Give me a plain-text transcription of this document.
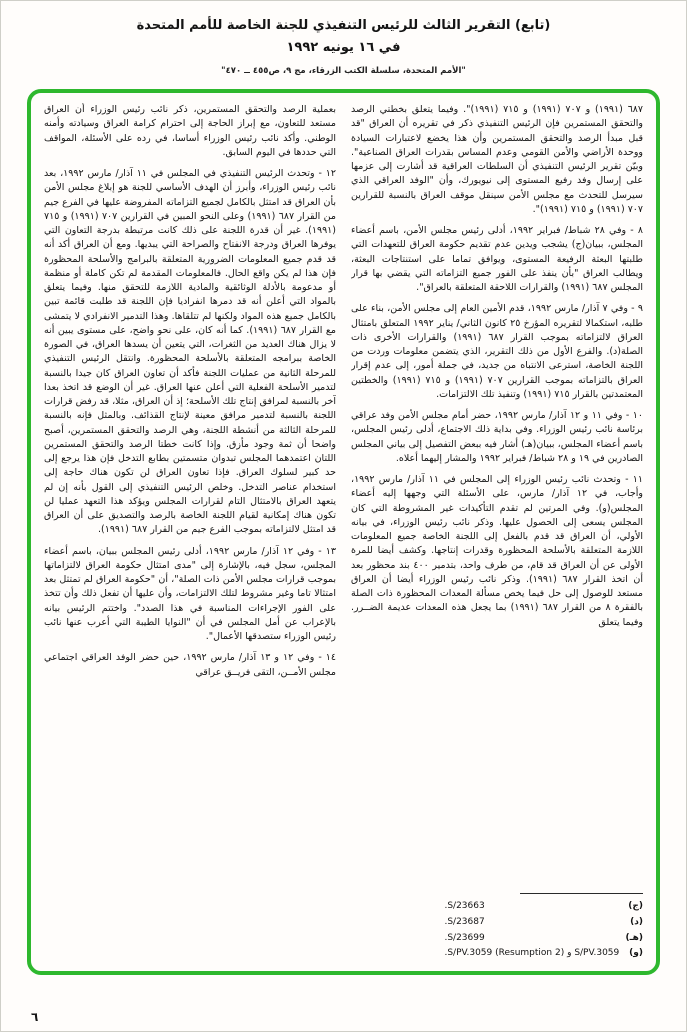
(تابع) التقرير الثالث للرئيس التنفيذي للجنة الخاصة للأمم المتحدة
في ١٦ يونيه ١٩٩٢
"الأمم المتحدة، سلسلة الكتب الزرقاء، مج ٩، ص٤٥٥ ــ ٤٧٠"

٦٨٧ (١٩٩١) و ٧٠٧ (١٩٩١) و ٧١٥ (١٩٩١)". وفيما يتعلق بخطتي الرصد والتحقق المستمرين فإن الرئيس التنفيذي ذكر في تقريره أن العراق "قد قبل مبدأ الرصد والتحقق المستمرين وأن هذا يخضع لاعتبارات السيادة ووحدة الأراضي والأمن القومي وعدم المساس بقدرات العراق الصناعية". وبيّن تقرير الرئيس التنفيذي أن السلطات العراقية قد أشارت إلى عزمها على إرسال وفد رفيع المستوى إلى نيويورك، وأن "الوفد العراقي الذي سيرسل للتحدث مع مجلس الأمن سينقل موقف العراق بالنسبة للقرارين ٧٠٧ (١٩٩١) و ٧١٥ (١٩٩١)".

٨ - وفي ٢٨ شباط/ فبراير ١٩٩٢، أدلى رئيس مجلس الأمن، باسم أعضاء المجلس، ببيان(ج) يشجب ويدين عدم تقديم حكومة العراق للتعهدات التي طلبتها البعثة الرفيعة المستوى، ويوافق تماما على استنتاجات البعثة، ويطالب العراق "بأن ينفذ على الفور جميع التزاماته التي يقضي بها قرار المجلس ٦٨٧ (١٩٩١) والقرارات اللاحقة المتعلقة بالعراق".

٩ - وفي ٧ آذار/ مارس ١٩٩٢، قدم الأمين العام إلى مجلس الأمن، بناء على طلبه، استكمالا لتقريره المؤرخ ٢٥ كانون الثاني/ يناير ١٩٩٢ المتعلق بامتثال العراق لالتزاماته بموجب القرار ٦٨٧ (١٩٩١) والقرارات الأخرى ذات الصلة(د). والفرع الأول من ذلك التقرير، الذي يتضمن معلومات وردت من اللجنة الخاصة، استرعى الانتباه من جديد، في جملة أمور، إلى عدم إقرار العراق بالتزاماته بموجب القرارين ٧٠٧ (١٩٩١) و ٧١٥ (١٩٩١) والخطتين المعتمدتين بالقرار ٧١٥ (١٩٩١) وتنفيذ تلك الالتزامات.

١٠ - وفي ١١ و ١٢ آذار/ مارس ١٩٩٢، حضر أمام مجلس الأمن وفد عراقي برئاسة نائب رئيس الوزراء. وفي بداية ذلك الاجتماع، أدلى رئيس المجلس، باسم أعضاء المجلس، ببيان(هـ) أشار فيه ببعض التفصيل إلى بياني المجلس الصادرين في ١٩ و ٢٨ شباط/ فبراير ١٩٩٢ والمشار إليهما أعلاه.

١١ - وتحدث نائب رئيس الوزراء إلى المجلس في ١١ آذار/ مارس ١٩٩٢، وأجاب، في ١٢ آذار/ مارس، على الأسئلة التي وجهها إليه أعضاء المجلس(و). وفي المرتين لم تقدم التأكيدات غير المشروطة التي كان المجلس يسعى إلى الحصول عليها. وذكر نائب رئيس الوزراء، في بيانه الأولي، أن العراق قد قدم بالفعل إلى اللجنة الخاصة جميع المعلومات اللازمة المتعلقة بالأسلحة المحظورة وقدرات إنتاجها. وكشف أيضا للمرة الأولى عن أن العراق قد قام، من طرف واحد، بتدمير ٤٠٠ بند محظور بعد أن اتخذ القرار ٦٨٧ (١٩٩١). وذكر نائب رئيس الوزراء أيضا أن العراق مستعد للوصول إلى حل فيما يخص مسألة المعدات المحظورة ذات الصلة بالفقرة ٨ من القرار ٦٨٧ (١٩٩١) بما يجعل هذه المعدات عديمة الضــرر. وفيما يتعلق

(ج)
S/23663.
(د)
S/23687.
(هـ)
S/23699.
(و)
S/PV.3059 و S/PV.3059 (Resumption 2).

بعملية الرصد والتحقق المستمرين، ذكر نائب رئيس الوزراء أن العراق مستعد للتعاون، مع إبراز الحاجة إلى احترام كرامة العراق وسيادته وأمنه الوطني. وأكد نائب رئيس الوزراء أساسا، في رده على الأسئلة، المواقف التي حددها في اليوم السابق.

١٢ - وتحدث الرئيس التنفيذي في المجلس في ١١ آذار/ مارس ١٩٩٢، بعد نائب رئيس الوزراء، وأبرز أن الهدف الأساسي للجنة هو إبلاغ مجلس الأمن بأن العراق قد امتثل بالكامل لجميع التزاماته المفروضة عليها في الفرع جيم من القرار ٦٨٧ (١٩٩١) وعلى النحو المبين في القرارين ٧٠٧ (١٩٩١) و ٧١٥ (١٩٩١). غير أن قدرة اللجنة على ذلك كانت مرتبطة بدرجة التعاون التي يوفرها العراق ودرجة الانفتاح والصراحة التي يبديها. ومع أن العراق أكد أنه قد قدم جميع المعلومات الضرورية المتعلقة بالبرامج والأسلحة المحظورة فإن هذا لم يكن واقع الحال. فالمعلومات المقدمة لم تكن كاملة أو منظمة أو مدعومة بالأدلة الوثائقية والمادية اللازمة للتحقق منها. وفيما يتعلق بالمواد التي أعلن أنه قد دمرها انفراديا فإن اللجنة قد طلبت قائمة تبين بالكامل جميع هذه المواد ولكنها لم تتلقاها. وهذا التدمير الانفرادي لا يتمشى مع القرار ٦٨٧ (١٩٩١). كما أنه كان، على نحو واضح، على مستوى يبين أنه لا يزال هناك العديد من الثغرات، التي يتعين أن يسدها العراق، في الصورة الخاصة ببرامجه المتعلقة بالأسلحة المحظورة. وانتقل الرئيس التنفيذي للمرحلة الثانية من عمليات اللجنة فأكد أن تعاون العراق كان جيدا بالنسبة لتدمير الأسلحة الفعلية التي أعلن عنها العراق. غير أن الوضع قد اتخذ بعدا آخر بالنسبة لمرافق إنتاج تلك الأسلحة؛ إذ أن العراق، مثلا، قد رفض قرارات اللجنة بالنسبة لتدمير مرافق معينة لإنتاج القذائف. وبالمثل فإنه بالنسبة للمرحلة الثالثة من أنشطة اللجنة، وهي الرصد والتحقق المستمرين، أصبح واضحا أن ثمة وجود مأزق. وإذا كانت خطتا الرصد والتحقق المستمرين اللتان اعتمدهما المجلس تبدوان متسمتين بطابع التدخل فإن هذا يرجع إلى حد كبير لسلوك العراق. فإذا تعاون العراق لن تكون هناك حاجة إلى استخدام عناصر التدخل. وخلص الرئيس التنفيذي إلى القول بأنه إن لم يتعهد العراق بالامتثال التام لقرارات المجلس ويؤكد هذا التعهد عمليا لن تكون هناك إمكانية لقيام اللجنة الخاصة بالرصد والتصديق على أن العراق قد امتثل لالتزاماته بموجب الفرع جيم من القرار ٦٨٧ (١٩٩١).

١٣ - وفي ١٢ آذار/ مارس ١٩٩٢، أدلى رئيس المجلس ببيان، باسم أعضاء المجلس، سجل فيه، بالإشارة إلى "مدى امتثال حكومة العراق لالتزاماتها بموجب قرارات مجلس الأمن ذات الصلة"، أن "حكومة العراق لم تمتثل بعد امتثالا تاما وغير مشروط لتلك الالتزامات، وأن عليها أن تفعل ذلك وأن تتخذ على الفور الإجراءات المناسبة في هذا الصدد". واختتم الرئيس بيانه بالإعراب عن أمل المجلس في أن "النوايا الطيبة التي أعرب عنها نائب رئيس الوزراء ستصدقها الأعمال".

١٤ - وفي ١٢ و ١٣ آذار/ مارس ١٩٩٢، حين حضر الوفد العراقي اجتماعي مجلس الأمــن، التقى فريــق عراقي

٦
